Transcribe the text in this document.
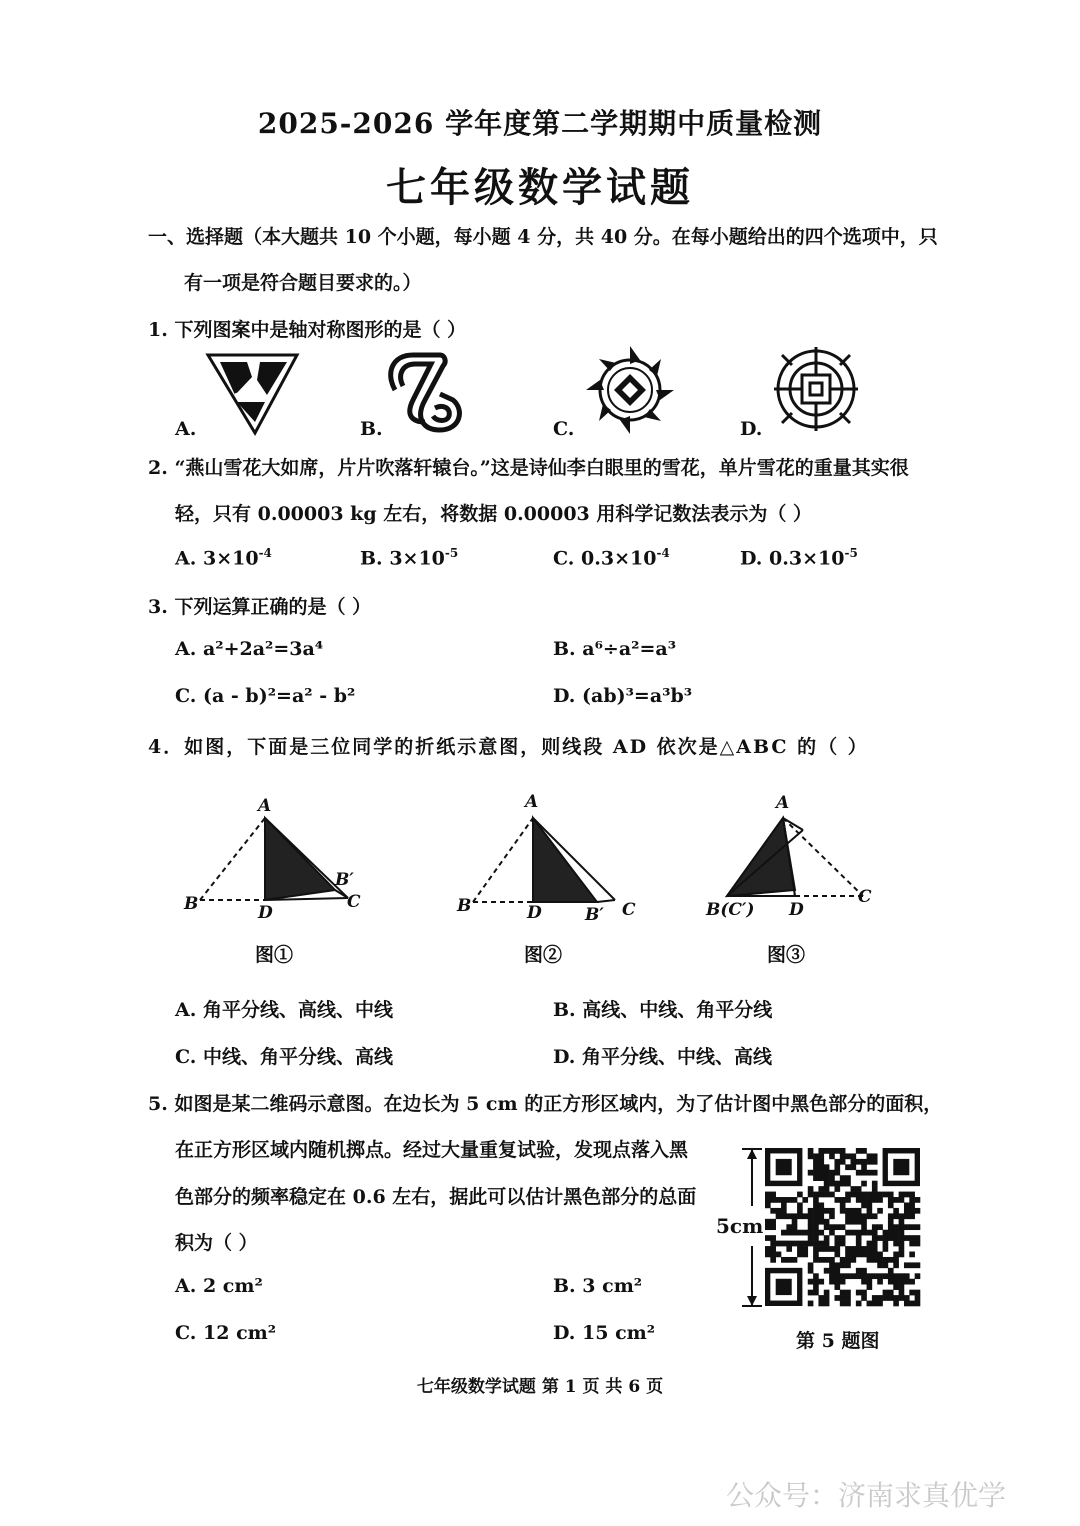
2025-2026 学年度第二学期期中质量检测
七年级数学试题
一、选择题（本大题共 10 个小题，每小题 4 分，共 40 分。在每小题给出的四个选项中，只
有一项是符合题目要求的。）
1. 下列图案中是轴对称图形的是（ ）
A.	B.	C.	D.
2. “燕山雪花大如席，片片吹落轩辕台。”这是诗仙李白眼里的雪花，单片雪花的重量其实很
轻，只有 0.00003 kg 左右，将数据 0.00003 用科学记数法表示为（ ）
A. $3\times 10^{-4}$	B. $3\times 10^{-5}$	C. $0.3\times 10^{-4}$	D. $0.3\times 10^{-5}$
3. 下列运算正确的是（ ）
A. a²+2a²=3a⁴	B. a⁶÷a²=a³
C. (a - b)²=a² - b²	D. (ab)³=a³b³
4．如图，下面是三位同学的折纸示意图，则线段 AD 依次是△ABC 的（ ）
A
B	D
C
B′
图①
A
B	D	B′ C
图②
A
B(C′) D
C
图③
A. 角平分线、高线、中线	B. 高线、中线、角平分线
C. 中线、角平分线、高线	D. 角平分线、中线、高线
5. 如图是某二维码示意图。在边长为 5 cm 的正方形区域内，为了估计图中黑色部分的面积，
在正方形区域内随机掷点。经过大量重复试验，发现点落入黑
色部分的频率稳定在 0.6 左右，据此可以估计黑色部分的总面
积为（ ）
A. 2 cm²	B. 3 cm²
C. 12 cm²	D. 15 cm²
5cm
第 5 题图
七年级数学试题 第 1 页 共 6 页
公众号：济南求真优学
